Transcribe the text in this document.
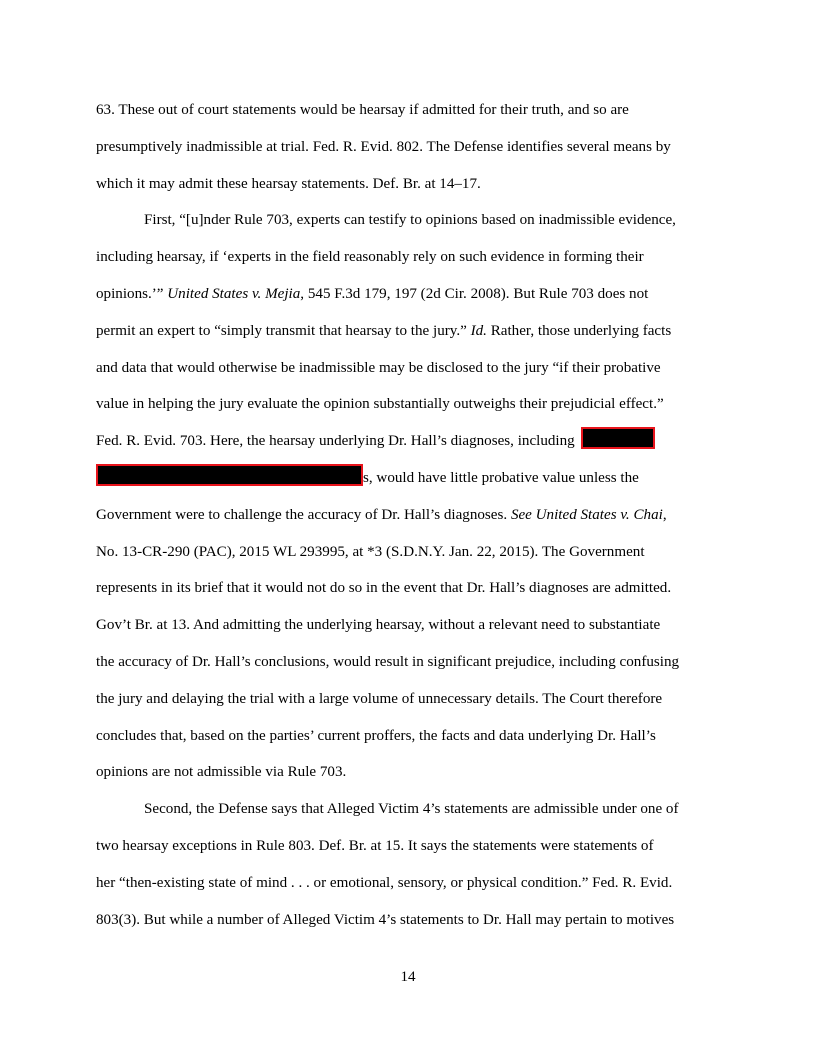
63. These out of court statements would be hearsay if admitted for their truth, and so are
presumptively inadmissible at trial. Fed. R. Evid. 802. The Defense identifies several means by
which it may admit these hearsay statements. Def. Br. at 14–17.
First, “[u]nder Rule 703, experts can testify to opinions based on inadmissible evidence,
including hearsay, if ‘experts in the field reasonably rely on such evidence in forming their
opinions.’” United States v. Mejia, 545 F.3d 179, 197 (2d Cir. 2008). But Rule 703 does not
permit an expert to “simply transmit that hearsay to the jury.” Id. Rather, those underlying facts
and data that would otherwise be inadmissible may be disclosed to the jury “if their probative
value in helping the jury evaluate the opinion substantially outweighs their prejudicial effect.”
Fed. R. Evid. 703. Here, the hearsay underlying Dr. Hall’s diagnoses, including
s, would have little probative value unless the
Government were to challenge the accuracy of Dr. Hall’s diagnoses. See United States v. Chai,
No. 13-CR-290 (PAC), 2015 WL 293995, at *3 (S.D.N.Y. Jan. 22, 2015). The Government
represents in its brief that it would not do so in the event that Dr. Hall’s diagnoses are admitted.
Gov’t Br. at 13. And admitting the underlying hearsay, without a relevant need to substantiate
the accuracy of Dr. Hall’s conclusions, would result in significant prejudice, including confusing
the jury and delaying the trial with a large volume of unnecessary details. The Court therefore
concludes that, based on the parties’ current proffers, the facts and data underlying Dr. Hall’s
opinions are not admissible via Rule 703.
Second, the Defense says that Alleged Victim 4’s statements are admissible under one of
two hearsay exceptions in Rule 803. Def. Br. at 15. It says the statements were statements of
her “then-existing state of mind . . . or emotional, sensory, or physical condition.” Fed. R. Evid.
803(3). But while a number of Alleged Victim 4’s statements to Dr. Hall may pertain to motives
14
